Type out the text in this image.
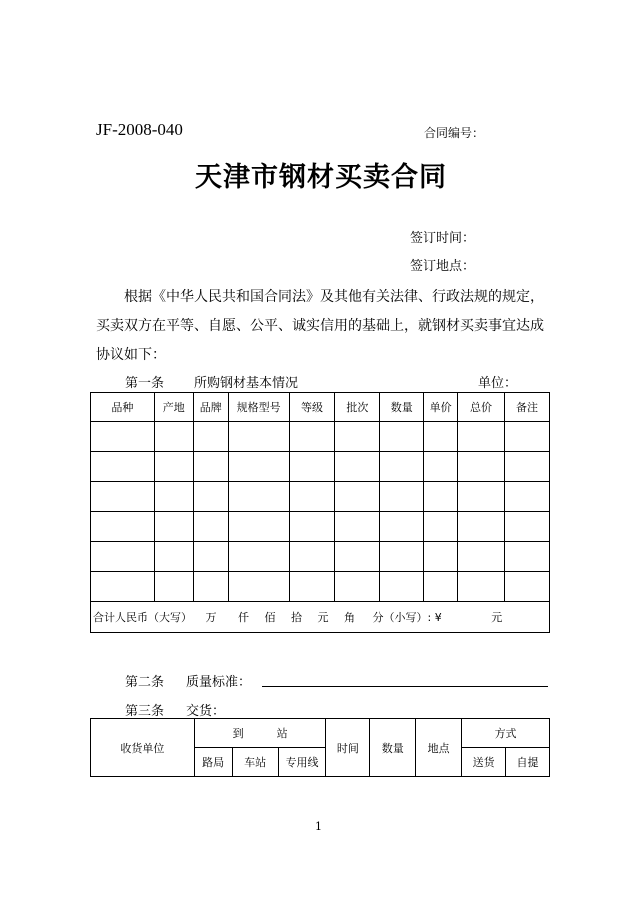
JF-2008-040	合同编号：
天津市钢材买卖合同
签订时间：
签订地点：
根据《中华人民共和国合同法》及其他有关法律、行政法规的规定，买卖双方在平等、自愿、公平、诚实信用的基础上，就钢材买卖事宜达成协议如下：
第一条 所购钢材基本情况	单位：
品种	产地	品牌	规格型号	等级	批次	数量	单价	总价	备注

合计人民币（大写） 万 仟 佰 拾 元 角 分（小写）: ¥ 元									
第二条 质量标准：
第三条 交货：
收货单位	到　　　站			时间	数量	地点	方式	
	路局	车站	专用线				送货	自提
1
